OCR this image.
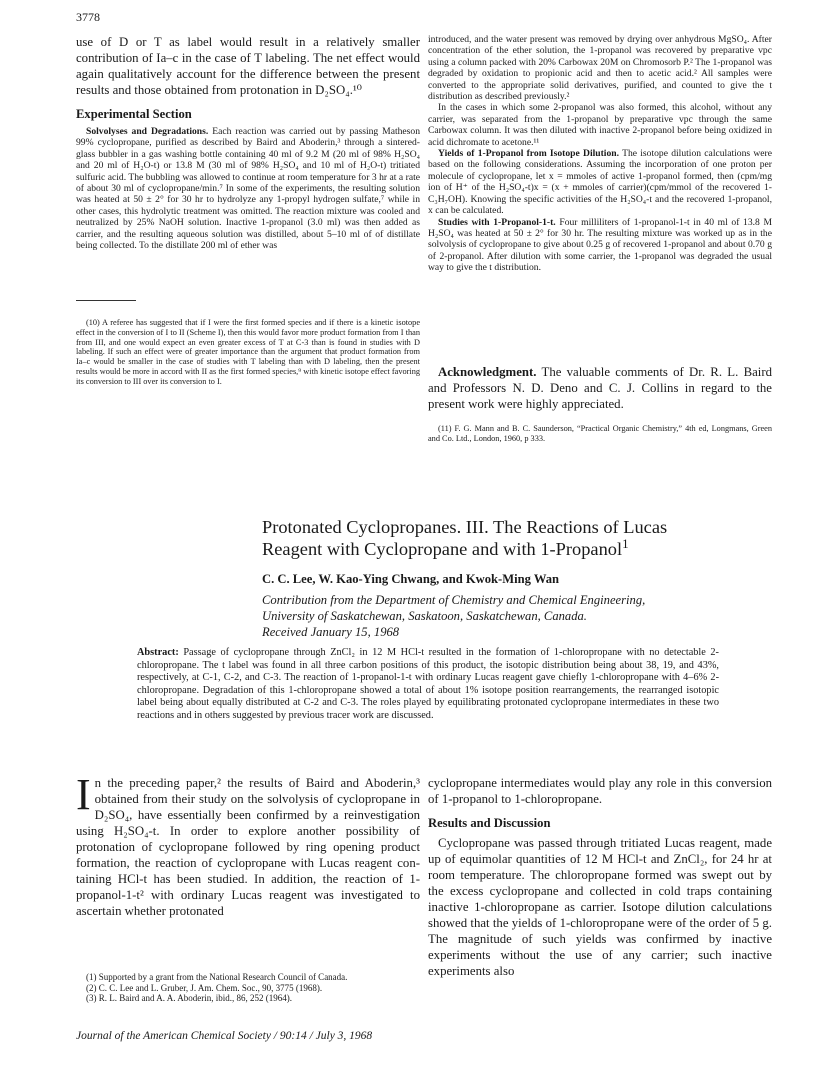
3778

use of D or T as label would result in a relatively smaller contribution of Ia–c in the case of T labeling. The net effect would again qualitatively account for the difference between the present results and those obtained from protonation in D₂SO₄.¹⁰

Experimental Section

Solvolyses and Degradations. Each reaction was carried out by passing Matheson 99% cyclopropane, purified as described by Baird and Aboderin,³ through a sintered-glass bubbler in a gas washing bottle containing 40 ml of 9.2 M (20 ml of 98% H₂SO₄ and 20 ml of H₂O-t) or 13.8 M (30 ml of 98% H₂SO₄ and 10 ml of H₂O-t) tritiated sulfuric acid. The bubbling was allowed to continue at room temperature for 3 hr at a rate of about 30 ml of cyclopropane/min.⁷ In some of the experiments, the resulting solution was heated at 50 ± 2° for 30 hr to hydrolyze any 1-propyl hydrogen sulfate,⁷ while in other cases, this hydrolytic treatment was omitted. The reaction mixture was cooled and neutralized by 25% NaOH solution. Inactive 1-propanol (3.0 ml) was then added as carrier, and the resulting aqueous solution was distilled, about 5–10 ml of of distillate being collected. To the distillate 200 ml of ether was

(10) A referee has suggested that if I were the first formed species and if there is a kinetic isotope effect in the conversion of I to II (Scheme I), then this would favor more product formation from I than from III, and one would expect an even greater excess of T at C-3 than is found in studies with D labeling. If such an effect were of greater importance than the argument that product formation from Ia–c would be smaller in the case of studies with T labeling than with D labeling, then the present results would be more in accord with II as the first formed species,⁹ with kinetic isotope effect favoring its conversion to III over its conversion to I.

introduced, and the water present was removed by drying over anhydrous MgSO₄. After concentration of the ether solution, the 1-propanol was recovered by preparative vpc using a column packed with 20% Carbowax 20M on Chromosorb P.² The 1-propanol was degraded by oxidation to propionic acid and then to acetic acid.² All samples were converted to the appropriate solid derivatives, purified, and counted to give the t distribution as described previously.²

In the cases in which some 2-propanol was also formed, this alcohol, without any carrier, was separated from the 1-propanol by preparative vpc through the same Carbowax column. It was then diluted with inactive 2-propanol before being oxidized in acid dichromate to acetone.¹¹

Yields of 1-Propanol from Isotope Dilution. The isotope dilution calculations were based on the following considerations. Assuming the incorporation of one proton per molecule of cyclopropane, let x = mmoles of active 1-propanol formed, then (cpm/mg ion of H⁺ of the H₂SO₄-t)x = (x + mmoles of carrier)(cpm/mmol of the recovered 1-C₃H₇OH). Knowing the specific activities of the H₂SO₄-t and the recovered 1-propanol, x can be calculated.

Studies with 1-Propanol-1-t. Four milliliters of 1-propanol-1-t in 40 ml of 13.8 M H₂SO₄ was heated at 50 ± 2° for 30 hr. The resulting mixture was worked up as in the solvolysis of cyclopropane to give about 0.25 g of recovered 1-propanol and about 0.70 g of 2-propanol. After dilution with some carrier, the 1-propanol was degraded the usual way to give the t distribution.

Acknowledgment. The valuable comments of Dr. R. L. Baird and Professors N. D. Deno and C. J. Collins in regard to the present work were highly appreciated.

(11) F. G. Mann and B. C. Saunderson, “Practical Organic Chemistry,” 4th ed, Longmans, Green and Co. Ltd., London, 1960, p 333.

Protonated Cyclopropanes. III. The Reactions of Lucas
Reagent with Cyclopropane and with 1-Propanol$^1$
C. C. Lee, W. Kao-Ying Chwang, and Kwok-Ming Wan
Contribution from the Department of Chemistry and Chemical Engineering,
University of Saskatchewan, Saskatoon, Saskatchewan, Canada.
Received January 15, 1968
Abstract: Passage of cyclopropane through ZnCl₂ in 12 M HCl-t resulted in the formation of 1-chloropropane with no detectable 2-chloropropane. The t label was found in all three carbon positions of this product, the isotopic distribution being about 38, 19, and 43%, respectively, at C-1, C-2, and C-3. The reaction of 1-propanol-1-t with ordinary Lucas reagent gave chiefly 1-chloropropane with 4–6% 2-chloropropane. Degradation of this 1-chloropropane showed a total of about 1% isotope position rearrangements, the rearranged isotopic label being about equally distributed at C-2 and C-3. The roles played by equilibrating protonated cyclopropane intermediates in these two reactions and in others suggested by previous tracer work are discussed.
I n the preceding paper,² the results of Baird and Aboderin,³ obtained from their study on the solvolysis of cyclopropane in D₂SO₄, have essentially been confirmed by a reinvestigation using H₂SO₄-t. In order to explore another possibility of protonation of cyclopropane followed by ring opening product formation, the reaction of cyclopropane with Lucas reagent containing HCl-t has been studied. In addition, the reaction of 1-propanol-1-t² with ordinary Lucas reagent was investigated to ascertain whether protonated
(1) Supported by a grant from the National Research Council of Canada.
(2) C. C. Lee and L. Gruber, J. Am. Chem. Soc., 90, 3775 (1968).
(3) R. L. Baird and A. A. Aboderin, ibid., 86, 252 (1964).

cyclopropane intermediates would play any role in this conversion of 1-propanol to 1-chloropropane.

Results and Discussion

Cyclopropane was passed through tritiated Lucas reagent, made up of equimolar quantities of 12 M HCl-t and ZnCl₂, for 24 hr at room temperature. The chloropropane formed was swept out by the excess cyclopropane and collected in cold traps containing inactive 1-chloropropane as carrier. Isotope dilution calculations showed that the yields of 1-chloropropane were of the order of 5 g. The magnitude of such yields was confirmed by inactive experiments without the use of any carrier; such inactive experiments also

Journal of the American Chemical Society / 90:14 / July 3, 1968
